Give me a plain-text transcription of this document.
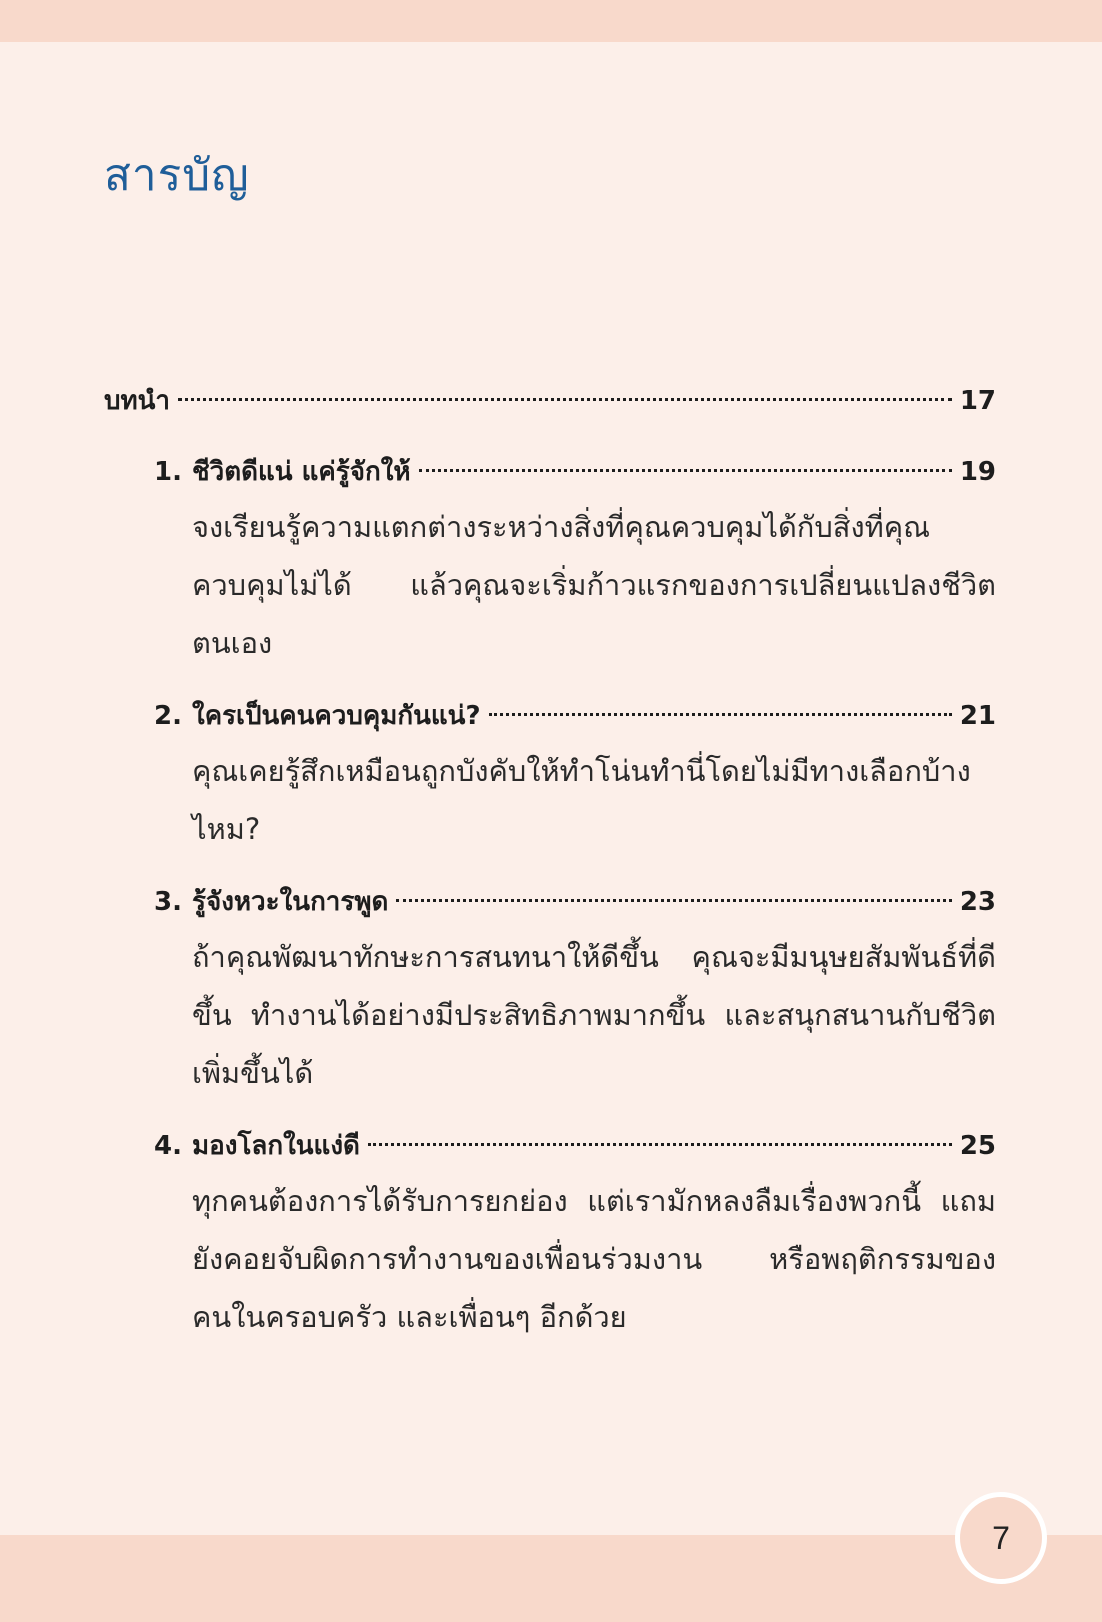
สารบัญ
บทนำ	17
1. ชีวิตดีแน่ แค่รู้จักให้	19
จงเรียนรู้ความแตกต่างระหว่างสิ่งที่คุณควบคุมได้กับสิ่งที่คุณควบคุมไม่ได้ แล้วคุณจะเริ่มก้าวแรกของการเปลี่ยนแปลงชีวิตตนเอง
2. ใครเป็นคนควบคุมกันแน่?	21
คุณเคยรู้สึกเหมือนถูกบังคับให้ทำโน่นทำนี่โดยไม่มีทางเลือกบ้างไหม?
3. รู้จังหวะในการพูด	23
ถ้าคุณพัฒนาทักษะการสนทนาให้ดีขึ้น คุณจะมีมนุษยสัมพันธ์ที่ดีขึ้น ทำงานได้อย่างมีประสิทธิภาพมากขึ้น และสนุกสนานกับชีวิตเพิ่มขึ้นได้
4. มองโลกในแง่ดี	25
ทุกคนต้องการได้รับการยกย่อง แต่เรามักหลงลืมเรื่องพวกนี้ แถมยังคอยจับผิดการทำงานของเพื่อนร่วมงาน หรือพฤติกรรมของคนในครอบครัว และเพื่อนๆ อีกด้วย
7
